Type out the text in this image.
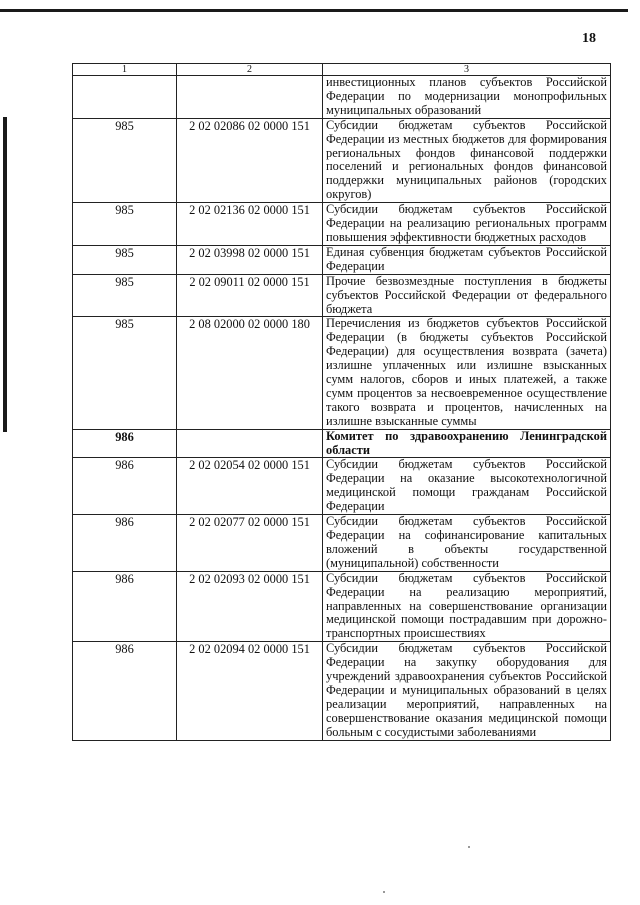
18
1	2	3
		инвестиционных планов субъектов Российской Федерации по модернизации монопрофильных муниципальных образований
985	2 02 02086 02 0000 151	Субсидии бюджетам субъектов Российской Федерации из местных бюджетов для формирования региональных фондов финансовой поддержки поселений и региональных фондов финансовой поддержки муниципальных районов (городских округов)
985	2 02 02136 02 0000 151	Субсидии бюджетам субъектов Российской Федерации на реализацию региональных программ повышения эффективности бюджетных расходов
985	2 02 03998 02 0000 151	Единая субвенция бюджетам субъектов Российской Федерации
985	2 02 09011 02 0000 151	Прочие безвозмездные поступления в бюджеты субъектов Российской Федерации от федерального бюджета
985	2 08 02000 02 0000 180	Перечисления из бюджетов субъектов Российской Федерации (в бюджеты субъектов Российской Федерации) для осуществления возврата (зачета) излишне уплаченных или излишне взысканных сумм налогов, сборов и иных платежей, а также сумм процентов за несвоевременное осуществление такого возврата и процентов, начисленных на излишне взысканные суммы
986		Комитет по здравоохранению Ленинградской области
986	2 02 02054 02 0000 151	Субсидии бюджетам субъектов Российской Федерации на оказание высокотехнологичной медицинской помощи гражданам Российской Федерации
986	2 02 02077 02 0000 151	Субсидии бюджетам субъектов Российской Федерации на софинансирование капитальных вложений в объекты государственной (муниципальной) собственности
986	2 02 02093 02 0000 151	Субсидии бюджетам субъектов Российской Федерации на реализацию мероприятий, направленных на совершенствование организации медицинской помощи пострадавшим при дорожно-транспортных происшествиях
986	2 02 02094 02 0000 151	Субсидии бюджетам субъектов Российской Федерации на закупку оборудования для учреждений здравоохранения субъектов Российской Федерации и муниципальных образований в целях реализации мероприятий, направленных на совершенствование оказания медицинской помощи больным с сосудистыми заболеваниями
